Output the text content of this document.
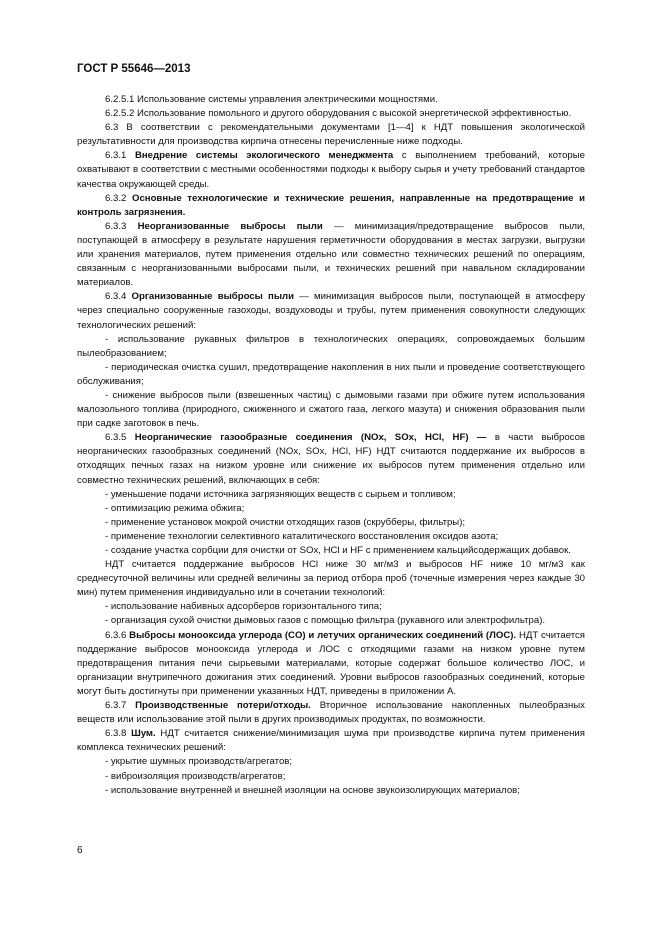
ГОСТ Р 55646—2013

6.2.5.1 Использование системы управления электрическими мощностями.

6.2.5.2 Использование помольного и другого оборудования с высокой энергетической эффективностью.

6.3 В соответствии с рекомендательными документами [1—4] к НДТ повышения экологической результативности для производства кирпича отнесены перечисленные ниже подходы.

6.3.1 Внедрение системы экологического менеджмента с выполнением требований, которые охватывают в соответствии с местными особенностями подходы к выбору сырья и учету требований стандартов качества окружающей среды.

6.3.2 Основные технологические и технические решения, направленные на предотвращение и контроль загрязнения.

6.3.3 Неорганизованные выбросы пыли — минимизация/предотвращение выбросов пыли, поступающей в атмосферу в результате нарушения герметичности оборудования в местах загрузки, выгрузки или хранения материалов, путем применения отдельно или совместно технических решений по операциям, связанным с неорганизованными выбросами пыли, и технических решений при навальном складировании материалов.

6.3.4 Организованные выбросы пыли — минимизация выбросов пыли, поступающей в атмосферу через специально сооруженные газоходы, воздуховоды и трубы, путем применения совокупности следующих технологических решений:

- использование рукавных фильтров в технологических операциях, сопровождаемых большим пылеобразованием;

- периодическая очистка сушил, предотвращение накопления в них пыли и проведение соответствующего обслуживания;

- снижение выбросов пыли (взвешенных частиц) с дымовыми газами при обжиге путем использования малозольного топлива (природного, сжиженного и сжатого газа, легкого мазута) и снижения образования пыли при садке заготовок в печь.

6.3.5 Неорганические газообразные соединения (NOx, SOx, HCl, HF) — в части выбросов неорганических газообразных соединений (NOx, SOx, HCl, HF) НДТ считаются поддержание их выбросов в отходящих печных газах на низком уровне или снижение их выбросов путем применения отдельно или совместно технических решений, включающих в себя:

- уменьшение подачи источника загрязняющих веществ с сырьем и топливом;

- оптимизацию режима обжига;

- применение установок мокрой очистки отходящих газов (скрубберы, фильтры);

- применение технологии селективного каталитического восстановления оксидов азота;

- создание участка сорбции для очистки от SOx, HCl и HF с применением кальцийсодержащих добавок.

НДТ считается поддержание выбросов HCl ниже 30 мг/м3 и выбросов HF ниже 10 мг/м3 как среднесуточной величины или средней величины за период отбора проб (точечные измерения через каждые 30 мин) путем применения индивидуально или в сочетании технологий:

- использование набивных адсорберов горизонтального типа;

- организация сухой очистки дымовых газов с помощью фильтра (рукавного или электрофильтра).

6.3.6 Выбросы монооксида углерода (CO) и летучих органических соединений (ЛОС). НДТ считается поддержание выбросов монооксида углерода и ЛОС с отходящими газами на низком уровне путем предотвращения питания печи сырьевыми материалами, которые содержат большое количество ЛОС, и организации внутрипечного дожигания этих соединений. Уровни выбросов газообразных соединений, которые могут быть достигнуты при применении указанных НДТ, приведены в приложении А.

6.3.7 Производственные потери/отходы. Вторичное использование накопленных пылеобразных веществ или использование этой пыли в других производимых продуктах, по возможности.

6.3.8 Шум. НДТ считается снижение/минимизация шума при производстве кирпича путем применения комплекса технических решений:

- укрытие шумных производств/агрегатов;

- виброизоляция производств/агрегатов;

- использование внутренней и внешней изоляции на основе звукоизолирующих материалов;

6
